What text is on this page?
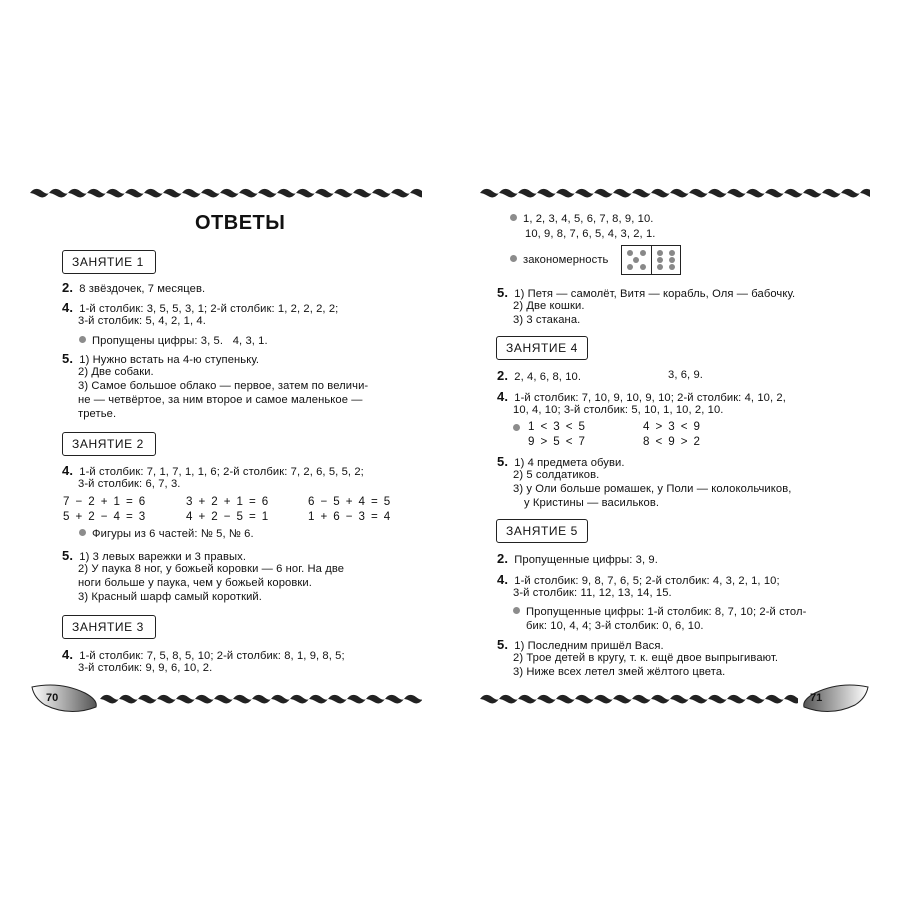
ОТВЕТЫ
ЗАНЯТИЕ 1
2. 8 звёздочек, 7 месяцев.
4. 1-й столбик: 3, 5, 5, 3, 1; 2-й столбик: 1, 2, 2, 2, 2;
3-й столбик: 5, 4, 2, 1, 4.
Пропущены цифры: 3, 5.   4, 3, 1.
5. 1) Нужно встать на 4-ю ступеньку.
2) Две собаки.
3) Самое большое облако — первое, затем по величи-
не — четвёртое, за ним второе и самое маленькое —
третье.
ЗАНЯТИЕ 2
4. 1-й столбик: 7, 1, 7, 1, 1, 6; 2-й столбик: 7, 2, 6, 5, 5, 2;
3-й столбик: 6, 7, 3.
7 − 2 + 1 = 6	3 + 2 + 1 = 6	6 − 5 + 4 = 5
5 + 2 − 4 = 3	4 + 2 − 5 = 1	1 + 6 − 3 = 4
Фигуры из 6 частей: № 5, № 6.
5. 1) 3 левых варежки и 3 правых.
2) У паука 8 ног, у божьей коровки — 6 ног. На две
ноги больше у паука, чем у божьей коровки.
3) Красный шарф самый короткий.
ЗАНЯТИЕ 3
4. 1-й столбик: 7, 5, 8, 5, 10; 2-й столбик: 8, 1, 9, 8, 5;
3-й столбик: 9, 9, 6, 10, 2.
70
1, 2, 3, 4, 5, 6, 7, 8, 9, 10.
10, 9, 8, 7, 6, 5, 4, 3, 2, 1.
закономерность
5. 1) Петя — самолёт, Витя — корабль, Оля — бабочку.
2) Две кошки.
3) 3 стакана.
ЗАНЯТИЕ 4
2. 2, 4, 6, 8, 10.	3, 6, 9.
4. 1-й столбик: 7, 10, 9, 10, 9, 10; 2-й столбик: 4, 10, 2,
10, 4, 10; 3-й столбик: 5, 10, 1, 10, 2, 10.
1 < 3 < 5	4 > 3 < 9
9 > 5 < 7	8 < 9 > 2
5. 1) 4 предмета обуви.
2) 5 солдатиков.
3) у Оли больше ромашек, у Поли — колокольчиков,
у Кристины — васильков.
ЗАНЯТИЕ 5
2. Пропущенные цифры: 3, 9.
4. 1-й столбик: 9, 8, 7, 6, 5; 2-й столбик: 4, 3, 2, 1, 10;
3-й столбик: 11, 12, 13, 14, 15.
Пропущенные цифры: 1-й столбик: 8, 7, 10; 2-й стол-
бик: 10, 4, 4; 3-й столбик: 0, 6, 10.
5. 1) Последним пришёл Вася.
2) Трое детей в кругу, т. к. ещё двое выпрыгивают.
3) Ниже всех летел змей жёлтого цвета.
71
